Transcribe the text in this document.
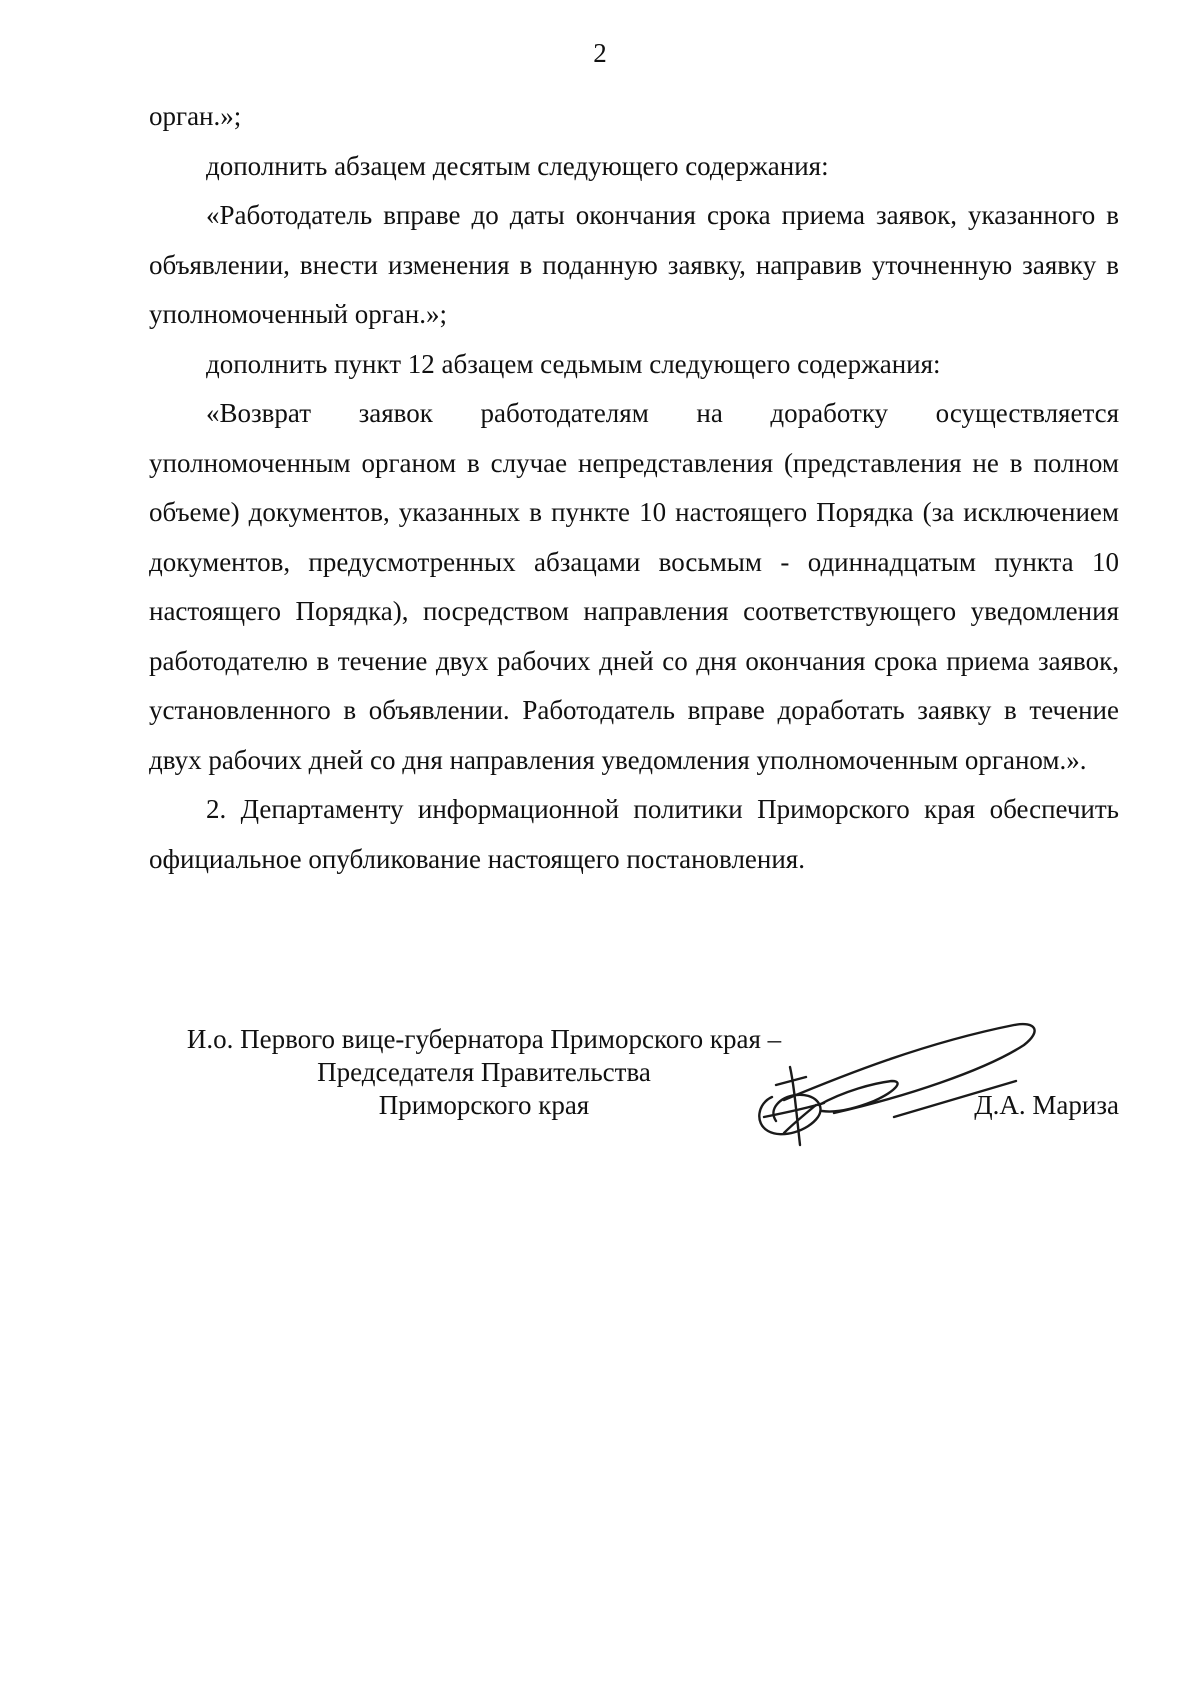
2

орган.»;

дополнить абзацем десятым следующего содержания:

«Работодатель вправе до даты окончания срока приема заявок, указанного в объявлении, внести изменения в поданную заявку, направив уточненную заявку в уполномоченный орган.»;

дополнить пункт 12 абзацем седьмым следующего содержания:

«Возврат заявок работодателям на доработку осуществляется уполномоченным органом в случае непредставления (представления не в полном объеме) документов, указанных в пункте 10 настоящего Порядка (за исключением документов, предусмотренных абзацами восьмым - одиннадцатым пункта 10 настоящего Порядка), посредством направления соответствующего уведомления работодателю в течение двух рабочих дней со дня окончания срока приема заявок, установленного в объявлении. Работодатель вправе доработать заявку в течение двух рабочих дней со дня направления уведомления уполномоченным органом.».

2. Департаменту информационной политики Приморского края обеспечить официальное опубликование настоящего постановления.

И.о. Первого вице-губернатора Приморского края –
Председателя Правительства
Приморского края	Д.А. Мариза
